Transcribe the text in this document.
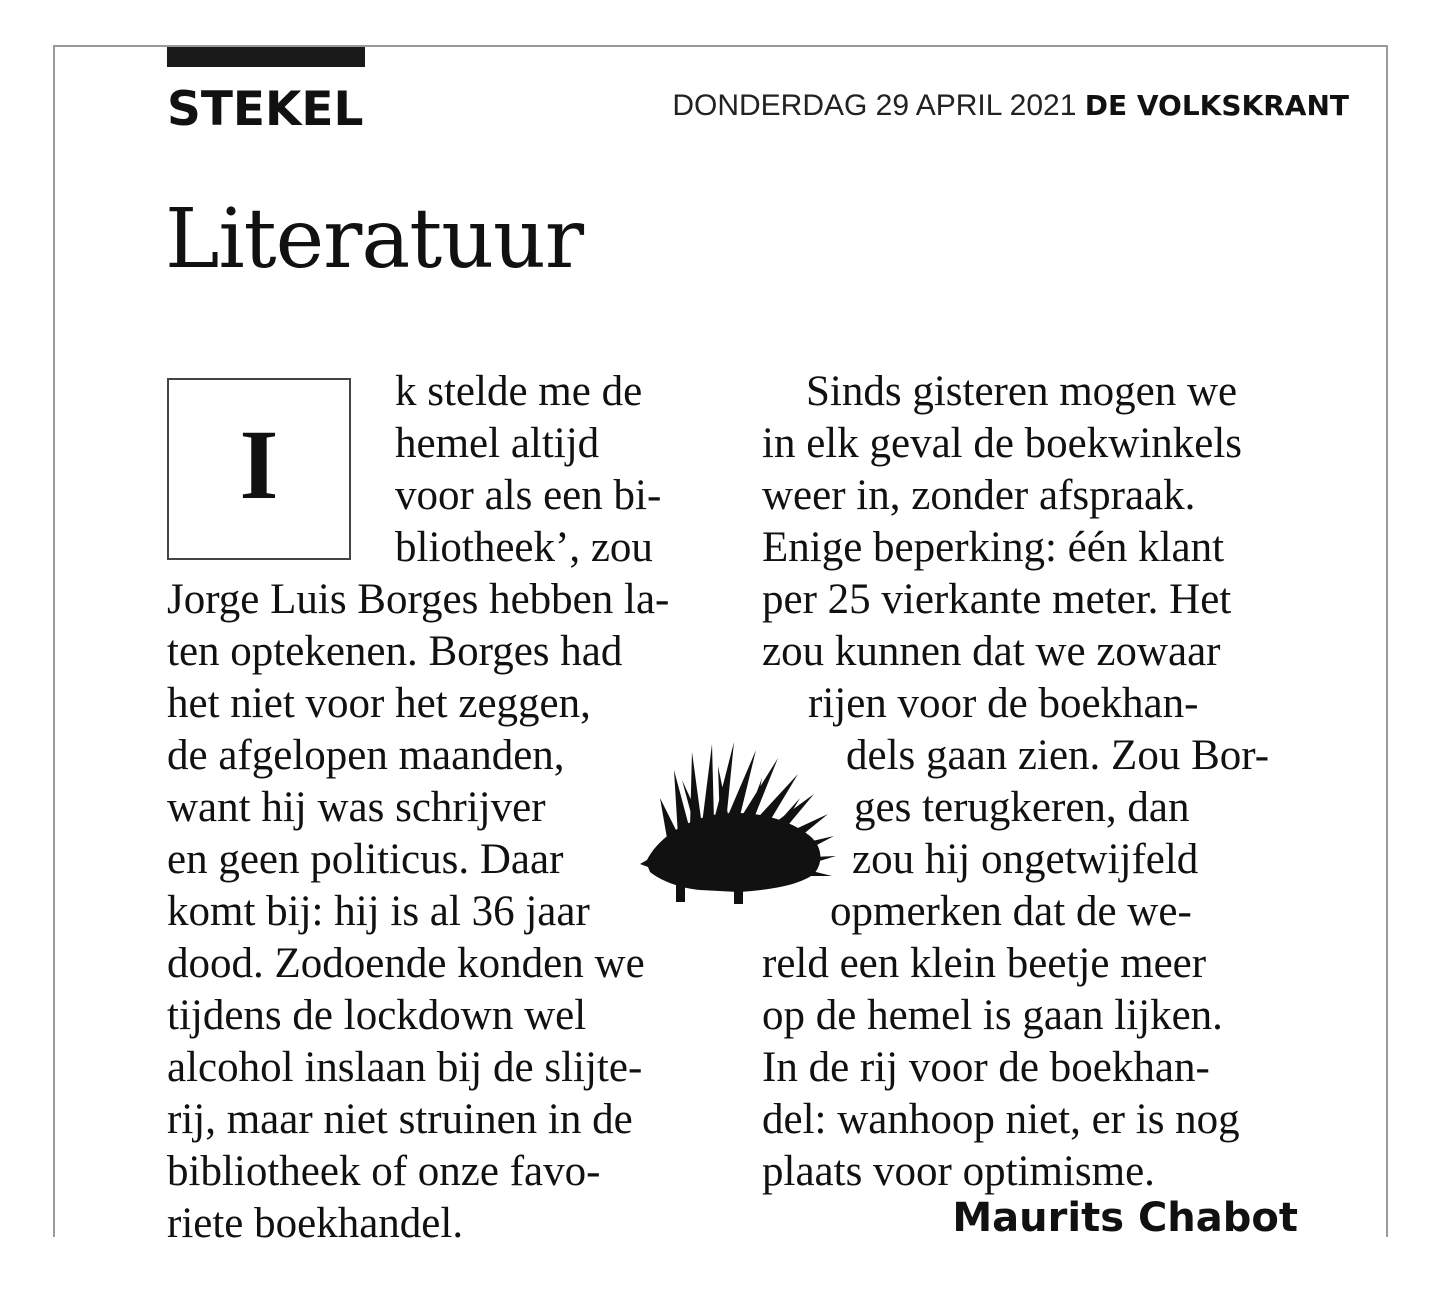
STEKEL	DONDERDAG 29 APRIL 2021 DE VOLKSKRANT
Literatuur
I
k stelde me de
hemel altijd
voor als een bi-
bliotheek’, zou
Jorge Luis Borges hebben la-
ten optekenen. Borges had
het niet voor het zeggen,
de afgelopen maanden,
want hij was schrijver
en geen politicus. Daar
komt bij: hij is al 36 jaar
dood. Zodoende konden we
tijdens de lockdown wel
alcohol inslaan bij de slijte-
rij, maar niet struinen in de
bibliotheek of onze favo-
riete boekhandel.
Sinds gisteren mogen we
in elk geval de boekwinkels
weer in, zonder afspraak.
Enige beperking: één klant
per 25 vierkante meter. Het
zou kunnen dat we zowaar
rijen voor de boekhan-
dels gaan zien. Zou Bor-
ges terugkeren, dan
zou hij ongetwijfeld
opmerken dat de we-
reld een klein beetje meer
op de hemel is gaan lijken.
In de rij voor de boekhan-
del: wanhoop niet, er is nog
plaats voor optimisme.
Maurits Chabot
